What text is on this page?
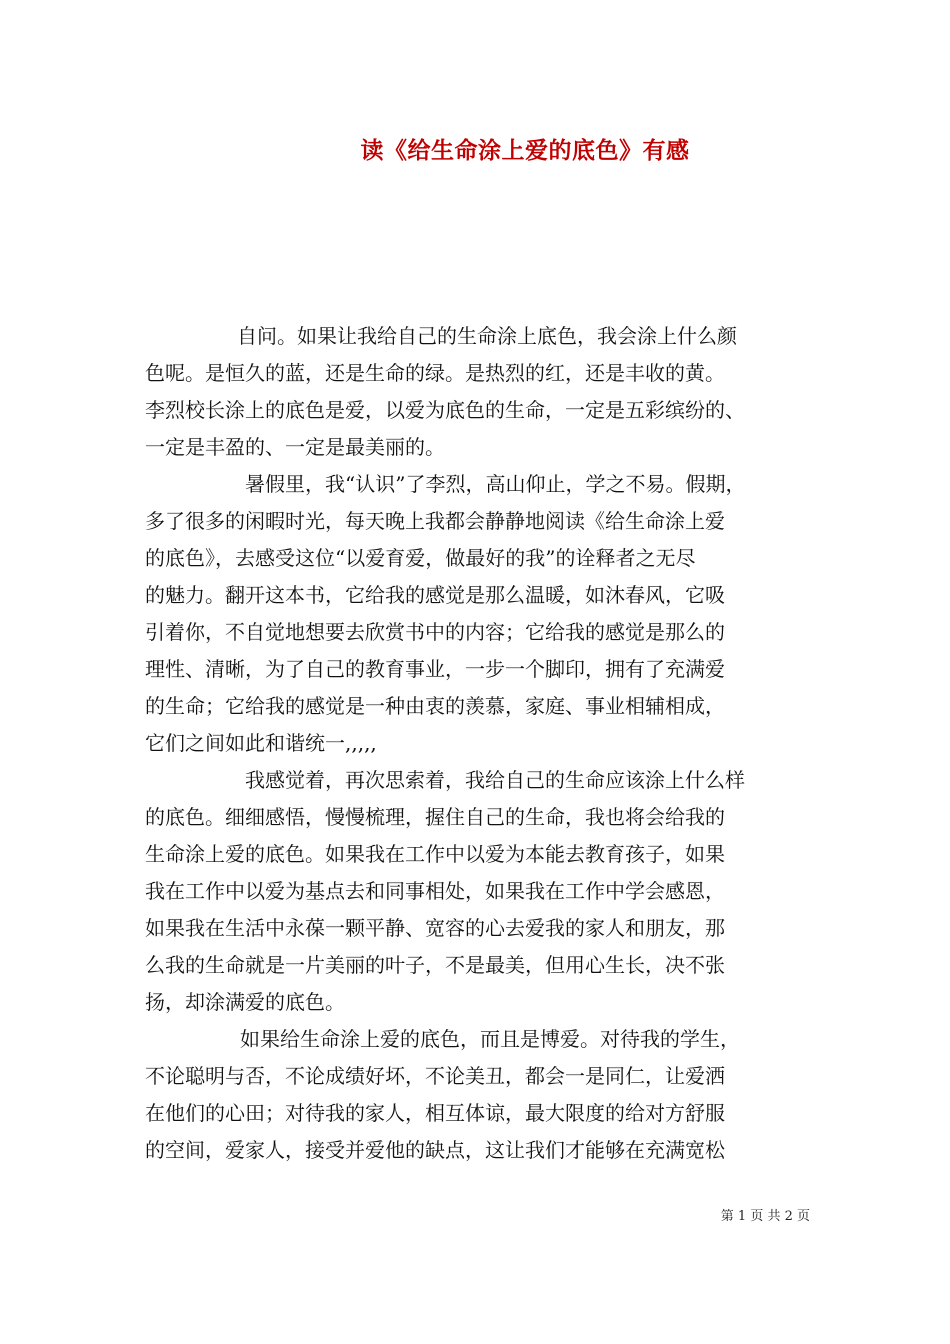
读《给生命涂上爱的底色》有感
自问。如果让我给自己的生命涂上底色，我会涂上什么颜
色呢。是恒久的蓝，还是生命的绿。是热烈的红，还是丰收的黄。
李烈校长涂上的底色是爱，以爱为底色的生命，一定是五彩缤纷的、
一定是丰盈的、一定是最美丽的。
暑假里，我“认识”了李烈，高山仰止，学之不易。假期，
多了很多的闲暇时光，每天晚上我都会静静地阅读《给生命涂上爱
的底色》，去感受这位“以爱育爱，做最好的我”的诠释者之无尽
的魅力。翻开这本书，它给我的感觉是那么温暖，如沐春风，它吸
引着你，不自觉地想要去欣赏书中的内容；它给我的感觉是那么的
理性、清晰，为了自己的教育事业，一步一个脚印，拥有了充满爱
的生命；它给我的感觉是一种由衷的羡慕，家庭、事业相辅相成，
它们之间如此和谐统一,,,,,
我感觉着，再次思索着，我给自己的生命应该涂上什么样
的底色。细细感悟，慢慢梳理，握住自己的生命，我也将会给我的
生命涂上爱的底色。如果我在工作中以爱为本能去教育孩子，如果
我在工作中以爱为基点去和同事相处，如果我在工作中学会感恩，
如果我在生活中永葆一颗平静、宽容的心去爱我的家人和朋友，那
么我的生命就是一片美丽的叶子，不是最美，但用心生长，决不张
扬，却涂满爱的底色。
如果给生命涂上爱的底色，而且是博爱。对待我的学生，
不论聪明与否，不论成绩好坏，不论美丑，都会一是同仁，让爱洒
在他们的心田；对待我的家人，相互体谅，最大限度的给对方舒服
的空间，爱家人，接受并爱他的缺点，这让我们才能够在充满宽松
第 1 页 共 2 页
